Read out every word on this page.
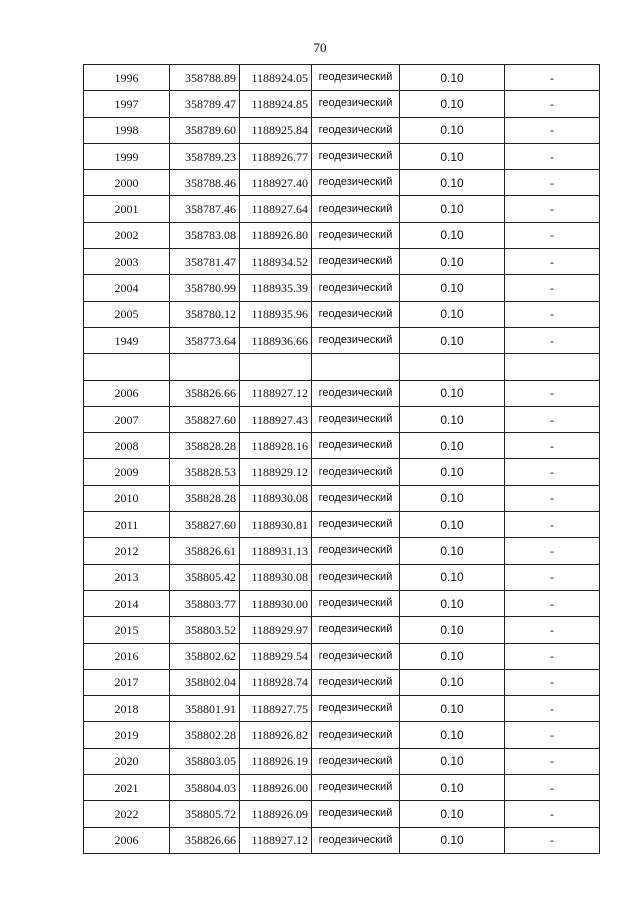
70
1996	358788.89	1188924.05	геодезический	0.10	-
1997	358789.47	1188924.85	геодезический	0.10	-
1998	358789.60	1188925.84	геодезический	0.10	-
1999	358789.23	1188926.77	геодезический	0.10	-
2000	358788.46	1188927.40	геодезический	0.10	-
2001	358787.46	1188927.64	геодезический	0.10	-
2002	358783.08	1188926.80	геодезический	0.10	-
2003	358781.47	1188934.52	геодезический	0.10	-
2004	358780.99	1188935.39	геодезический	0.10	-
2005	358780.12	1188935.96	геодезический	0.10	-
1949	358773.64	1188936.66	геодезический	0.10	-

2006	358826.66	1188927.12	геодезический	0.10	-
2007	358827.60	1188927.43	геодезический	0.10	-
2008	358828.28	1188928.16	геодезический	0.10	-
2009	358828.53	1188929.12	геодезический	0.10	-
2010	358828.28	1188930.08	геодезический	0.10	-
2011	358827.60	1188930.81	геодезический	0.10	-
2012	358826.61	1188931.13	геодезический	0.10	-
2013	358805.42	1188930.08	геодезический	0.10	-
2014	358803.77	1188930.00	геодезический	0.10	-
2015	358803.52	1188929.97	геодезический	0.10	-
2016	358802.62	1188929.54	геодезический	0.10	-
2017	358802.04	1188928.74	геодезический	0.10	-
2018	358801.91	1188927.75	геодезический	0.10	-
2019	358802.28	1188926.82	геодезический	0.10	-
2020	358803.05	1188926.19	геодезический	0.10	-
2021	358804.03	1188926.00	геодезический	0.10	-
2022	358805.72	1188926.09	геодезический	0.10	-
2006	358826.66	1188927.12	геодезический	0.10	-
